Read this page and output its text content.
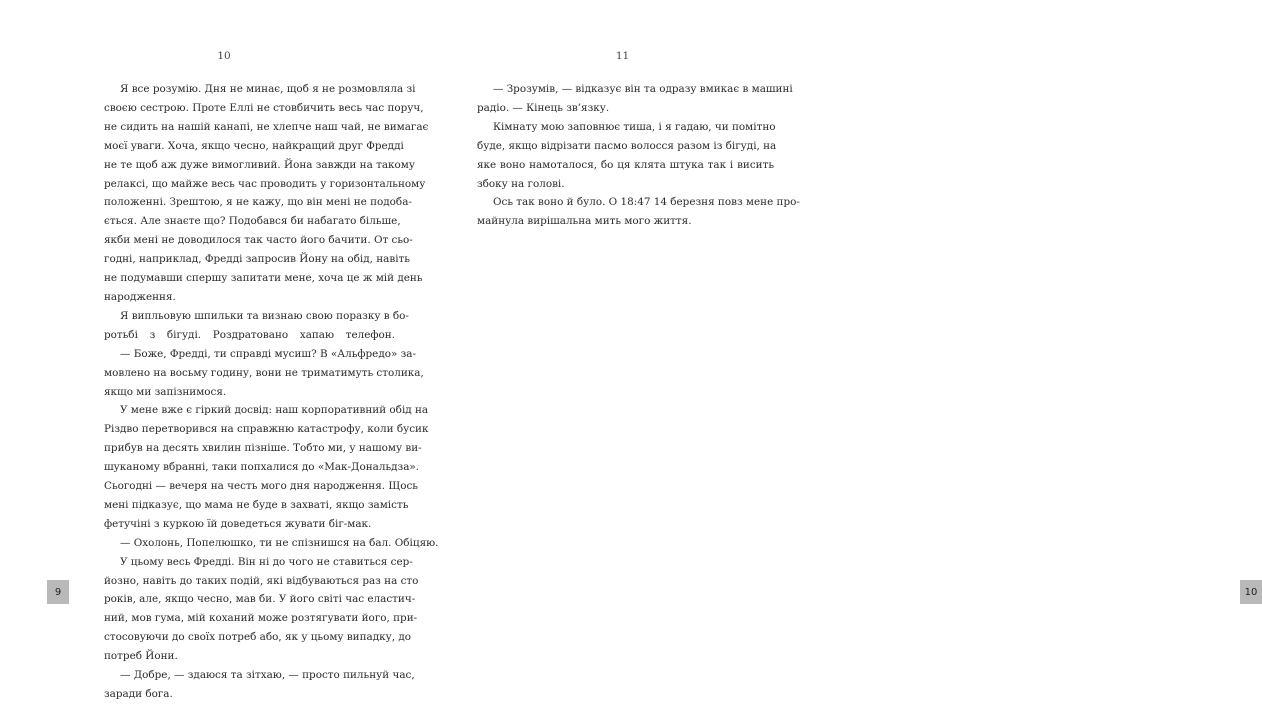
10
Я все розумію. Дня не минає, щоб я не розмовляла зі
своєю сестрою. Проте Еллі не стовбичить весь час поруч,
не сидить на нашій канапі, не хлепче наш чай, не вимагає
моєї уваги. Хоча, якщо чесно, найкращий друг Фредді
не те щоб аж дуже вимогливий. Йона завжди на такому
релаксі, що майже весь час проводить у горизонтальному
положенні. Зрештою, я не кажу, що він мені не подоба-
ється. Але знаєте що? Подобався би набагато більше,
якби мені не доводилося так часто його бачити. От сьо-
годні, наприклад, Фредді запросив Йону на обід, навіть
не подумавши спершу запитати мене, хоча це ж мій день
народження.
Я випльовую шпильки та визнаю свою поразку в бо-
ротьбі з бігуді. Роздратовано хапаю телефон.
— Боже, Фредді, ти справді мусиш? В «Альфредо» за-
мовлено на восьму годину, вони не триматимуть столика,
якщо ми запізнимося.
У мене вже є гіркий досвід: наш корпоративний обід на
Різдво перетворився на справжню катастрофу, коли бусик
прибув на десять хвилин пізніше. Тобто ми, у нашому ви-
шуканому вбранні, таки попхалися до «Мак-Дональдза».
Сьогодні — вечеря на честь мого дня народження. Щось
мені підказує, що мама не буде в захваті, якщо замість
фетучіні з куркою їй доведеться жувати біг-мак.
— Охолонь, Попелюшко, ти не спізнишся на бал. Обіцяю.
У цьому весь Фредді. Він ні до чого не ставиться сер-
йозно, навіть до таких подій, які відбуваються раз на сто
років, але, якщо чесно, мав би. У його світі час еластич-
ний, мов гума, мій коханий може розтягувати його, при-
стосовуючи до своїх потреб або, як у цьому випадку, до
потреб Йони.
— Добре, — здаюся та зітхаю, — просто пильнуй час,
заради бога.
9
11
— Зрозумів, — відказує він та одразу вмикає в машині
радіо. — Кінець зв’язку.
Кімнату мою заповнює тиша, і я гадаю, чи помітно
буде, якщо відрізати пасмо волосся разом із бігуді, на
яке воно намоталося, бо ця клята штука так і висить
збоку на голові.
Ось так воно й було. О 18:47 14 березня повз мене про-
майнула вирішальна мить мого життя.
10
